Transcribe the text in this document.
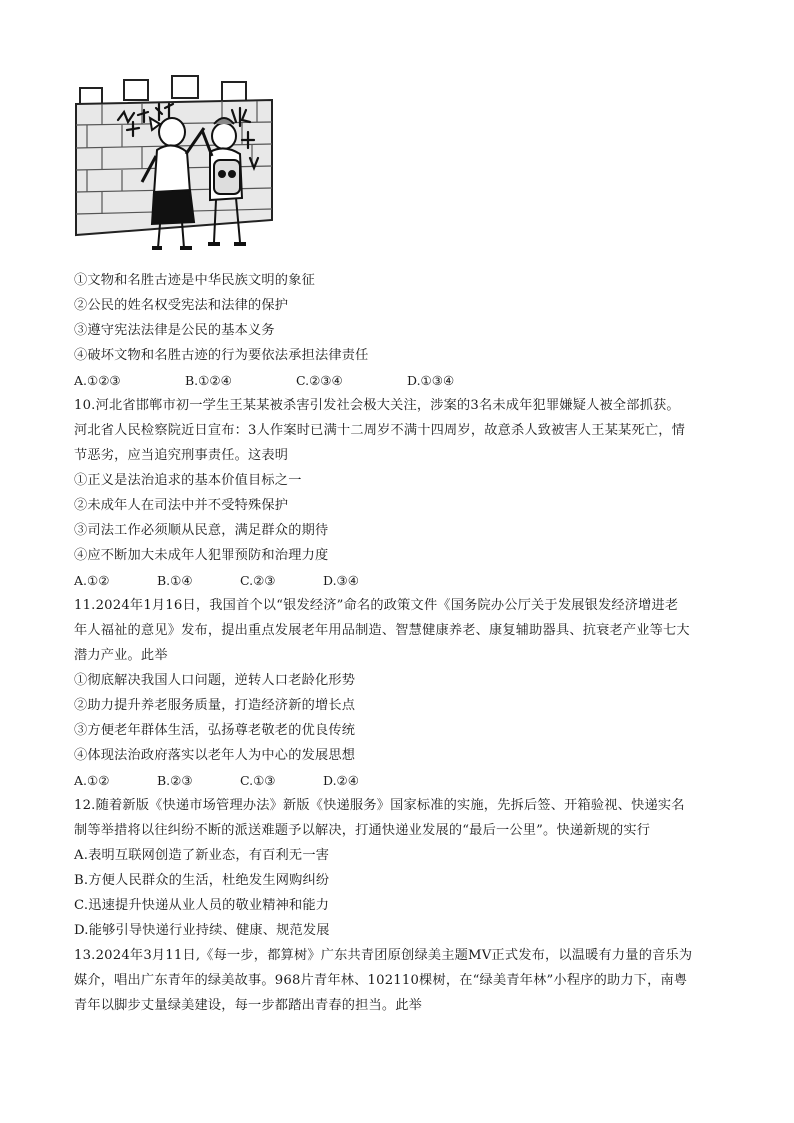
①文物和名胜古迹是中华民族文明的象征
②公民的姓名权受宪法和法律的保护
③遵守宪法法律是公民的基本义务
④破坏文物和名胜古迹的行为要依法承担法律责任
A.①②③	B.①②④	C.②③④	D.①③④
10.河北省邯郸市初一学生王某某被杀害引发社会极大关注，涉案的3名未成年犯罪嫌疑人被全部抓获。
河北省人民检察院近日宣布：3人作案时已满十二周岁不满十四周岁，故意杀人致被害人王某某死亡，情
节恶劣，应当追究刑事责任。这表明
①正义是法治追求的基本价值目标之一
②未成年人在司法中并不受特殊保护
③司法工作必须顺从民意，满足群众的期待
④应不断加大未成年人犯罪预防和治理力度
A.①②	B.①④	C.②③	D.③④
11.2024年1月16日，我国首个以“银发经济”命名的政策文件《国务院办公厅关于发展银发经济增进老
年人福祉的意见》发布，提出重点发展老年用品制造、智慧健康养老、康复辅助器具、抗衰老产业等七大
潜力产业。此举
①彻底解决我国人口问题，逆转人口老龄化形势
②助力提升养老服务质量，打造经济新的增长点
③方便老年群体生活，弘扬尊老敬老的优良传统
④体现法治政府落实以老年人为中心的发展思想
A.①②	B.②③	C.①③	D.②④
12.随着新版《快递市场管理办法》新版《快递服务》国家标准的实施，先拆后签、开箱验视、快递实名
制等举措将以往纠纷不断的派送难题予以解决，打通快递业发展的“最后一公里”。快递新规的实行
A.表明互联网创造了新业态，有百利无一害
B.方便人民群众的生活，杜绝发生网购纠纷
C.迅速提升快递从业人员的敬业精神和能力
D.能够引导快递行业持续、健康、规范发展
13.2024年3月11日,《每一步，都算树》广东共青团原创绿美主题MV正式发布，以温暖有力量的音乐为
媒介，唱出广东青年的绿美故事。968片青年林、102110棵树，在“绿美青年林”小程序的助力下，南粤
青年以脚步丈量绿美建设，每一步都踏出青春的担当。此举
